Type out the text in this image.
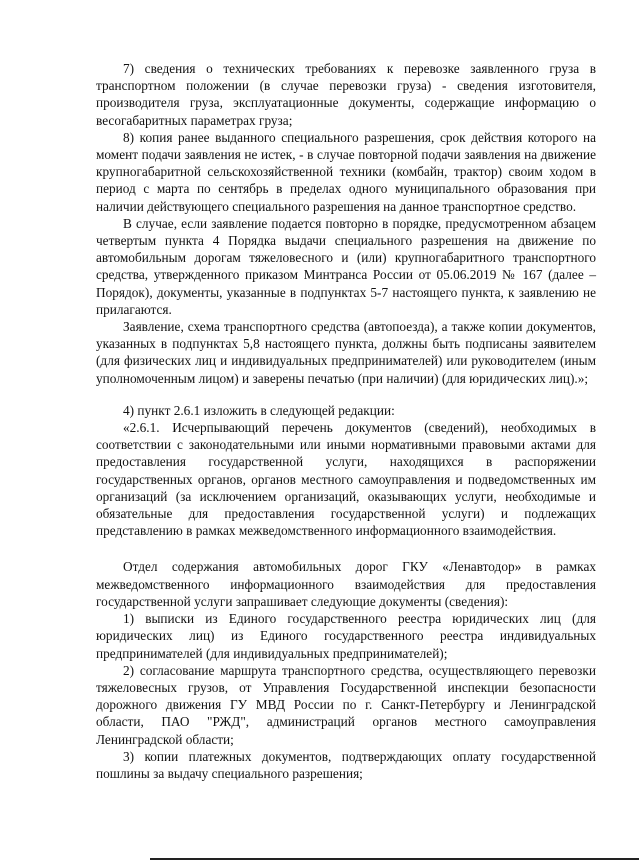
7) сведения о технических требованиях к перевозке заявленного груза в транспортном положении (в случае перевозки груза) - сведения изготовителя, производителя груза, эксплуатационные документы, содержащие информацию о весогабаритных параметрах груза;

8) копия ранее выданного специального разрешения, срок действия которого на момент подачи заявления не истек, - в случае повторной подачи заявления на движение крупногабаритной сельскохозяйственной техники (комбайн, трактор) своим ходом в период с марта по сентябрь в пределах одного муниципального образования при наличии действующего специального разрешения на данное транспортное средство.

В случае, если заявление подается повторно в порядке, предусмотренном абзацем четвертым пункта 4 Порядка выдачи специального разрешения на движение по автомобильным дорогам тяжеловесного и (или) крупногабаритного транспортного средства, утвержденного приказом Минтранса России от 05.06.2019 № 167 (далее – Порядок), документы, указанные в подпунктах 5-7 настоящего пункта, к заявлению не прилагаются.

Заявление, схема транспортного средства (автопоезда), а также копии документов, указанных в подпунктах 5,8 настоящего пункта, должны быть подписаны заявителем (для физических лиц и индивидуальных предпринимателей) или руководителем (иным уполномоченным лицом) и заверены печатью (при наличии) (для юридических лиц).»;

4) пункт 2.6.1 изложить в следующей редакции:

«2.6.1. Исчерпывающий перечень документов (сведений), необходимых в соответствии с законодательными или иными нормативными правовыми актами для предоставления государственной услуги, находящихся в распоряжении государственных органов, органов местного самоуправления и подведомственных им организаций (за исключением организаций, оказывающих услуги, необходимые и обязательные для предоставления государственной услуги) и подлежащих представлению в рамках межведомственного информационного взаимодействия.

Отдел содержания автомобильных дорог ГКУ «Ленавтодор» в рамках межведомственного информационного взаимодействия для предоставления государственной услуги запрашивает следующие документы (сведения):

1) выписки из Единого государственного реестра юридических лиц (для юридических лиц) из Единого государственного реестра индивидуальных предпринимателей (для индивидуальных предпринимателей);

2) согласование маршрута транспортного средства, осуществляющего перевозки тяжеловесных грузов, от Управления Государственной инспекции безопасности дорожного движения ГУ МВД России по г. Санкт-Петербургу и Ленинградской области, ПАО "РЖД", администраций органов местного самоуправления Ленинградской области;

3) копии платежных документов, подтверждающих оплату государственной пошлины за выдачу специального разрешения;
